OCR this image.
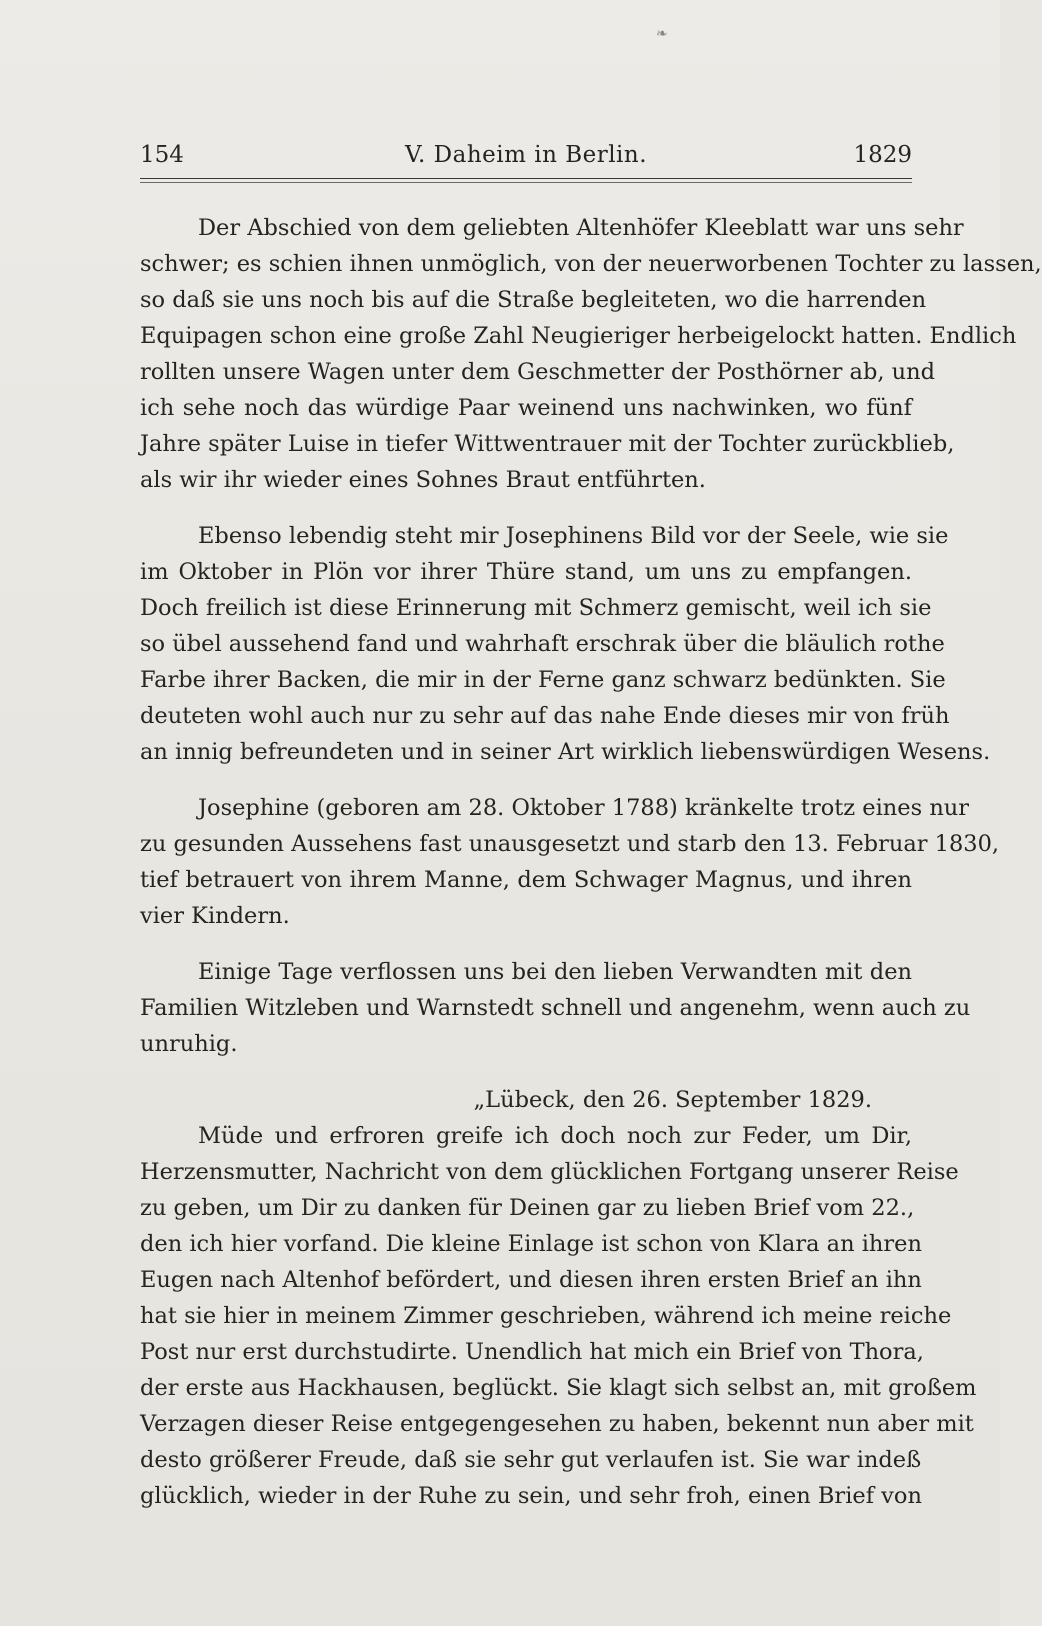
❧
154	V. Daheim in Berlin.	1829
Der Abschied von dem geliebten Altenhöfer Kleeblatt war uns sehr
schwer; es schien ihnen unmöglich, von der neuerworbenen Tochter zu lassen,
so daß sie uns noch bis auf die Straße begleiteten, wo die harrenden
Equipagen schon eine große Zahl Neugieriger herbeigelockt hatten. Endlich
rollten unsere Wagen unter dem Geschmetter der Posthörner ab, und
ich sehe noch das würdige Paar weinend uns nachwinken, wo fünf
Jahre später Luise in tiefer Wittwentrauer mit der Tochter zurückblieb,
als wir ihr wieder eines Sohnes Braut entführten.
Ebenso lebendig steht mir Josephinens Bild vor der Seele, wie sie
im Oktober in Plön vor ihrer Thüre stand, um uns zu empfangen.
Doch freilich ist diese Erinnerung mit Schmerz gemischt, weil ich sie
so übel aussehend fand und wahrhaft erschrak über die bläulich rothe
Farbe ihrer Backen, die mir in der Ferne ganz schwarz bedünkten. Sie
deuteten wohl auch nur zu sehr auf das nahe Ende dieses mir von früh
an innig befreundeten und in seiner Art wirklich liebenswürdigen Wesens.
Josephine (geboren am 28. Oktober 1788) kränkelte trotz eines nur
zu gesunden Aussehens fast unausgesetzt und starb den 13. Februar 1830,
tief betrauert von ihrem Manne, dem Schwager Magnus, und ihren
vier Kindern.
Einige Tage verflossen uns bei den lieben Verwandten mit den
Familien Witzleben und Warnstedt schnell und angenehm, wenn auch zu
unruhig.
„Lübeck, den 26. September 1829.
Müde und erfroren greife ich doch noch zur Feder, um Dir,
Herzensmutter, Nachricht von dem glücklichen Fortgang unserer Reise
zu geben, um Dir zu danken für Deinen gar zu lieben Brief vom 22.,
den ich hier vorfand. Die kleine Einlage ist schon von Klara an ihren
Eugen nach Altenhof befördert, und diesen ihren ersten Brief an ihn
hat sie hier in meinem Zimmer geschrieben, während ich meine reiche
Post nur erst durchstudirte. Unendlich hat mich ein Brief von Thora,
der erste aus Hackhausen, beglückt. Sie klagt sich selbst an, mit großem
Verzagen dieser Reise entgegengesehen zu haben, bekennt nun aber mit
desto größerer Freude, daß sie sehr gut verlaufen ist. Sie war indeß
glücklich, wieder in der Ruhe zu sein, und sehr froh, einen Brief von
